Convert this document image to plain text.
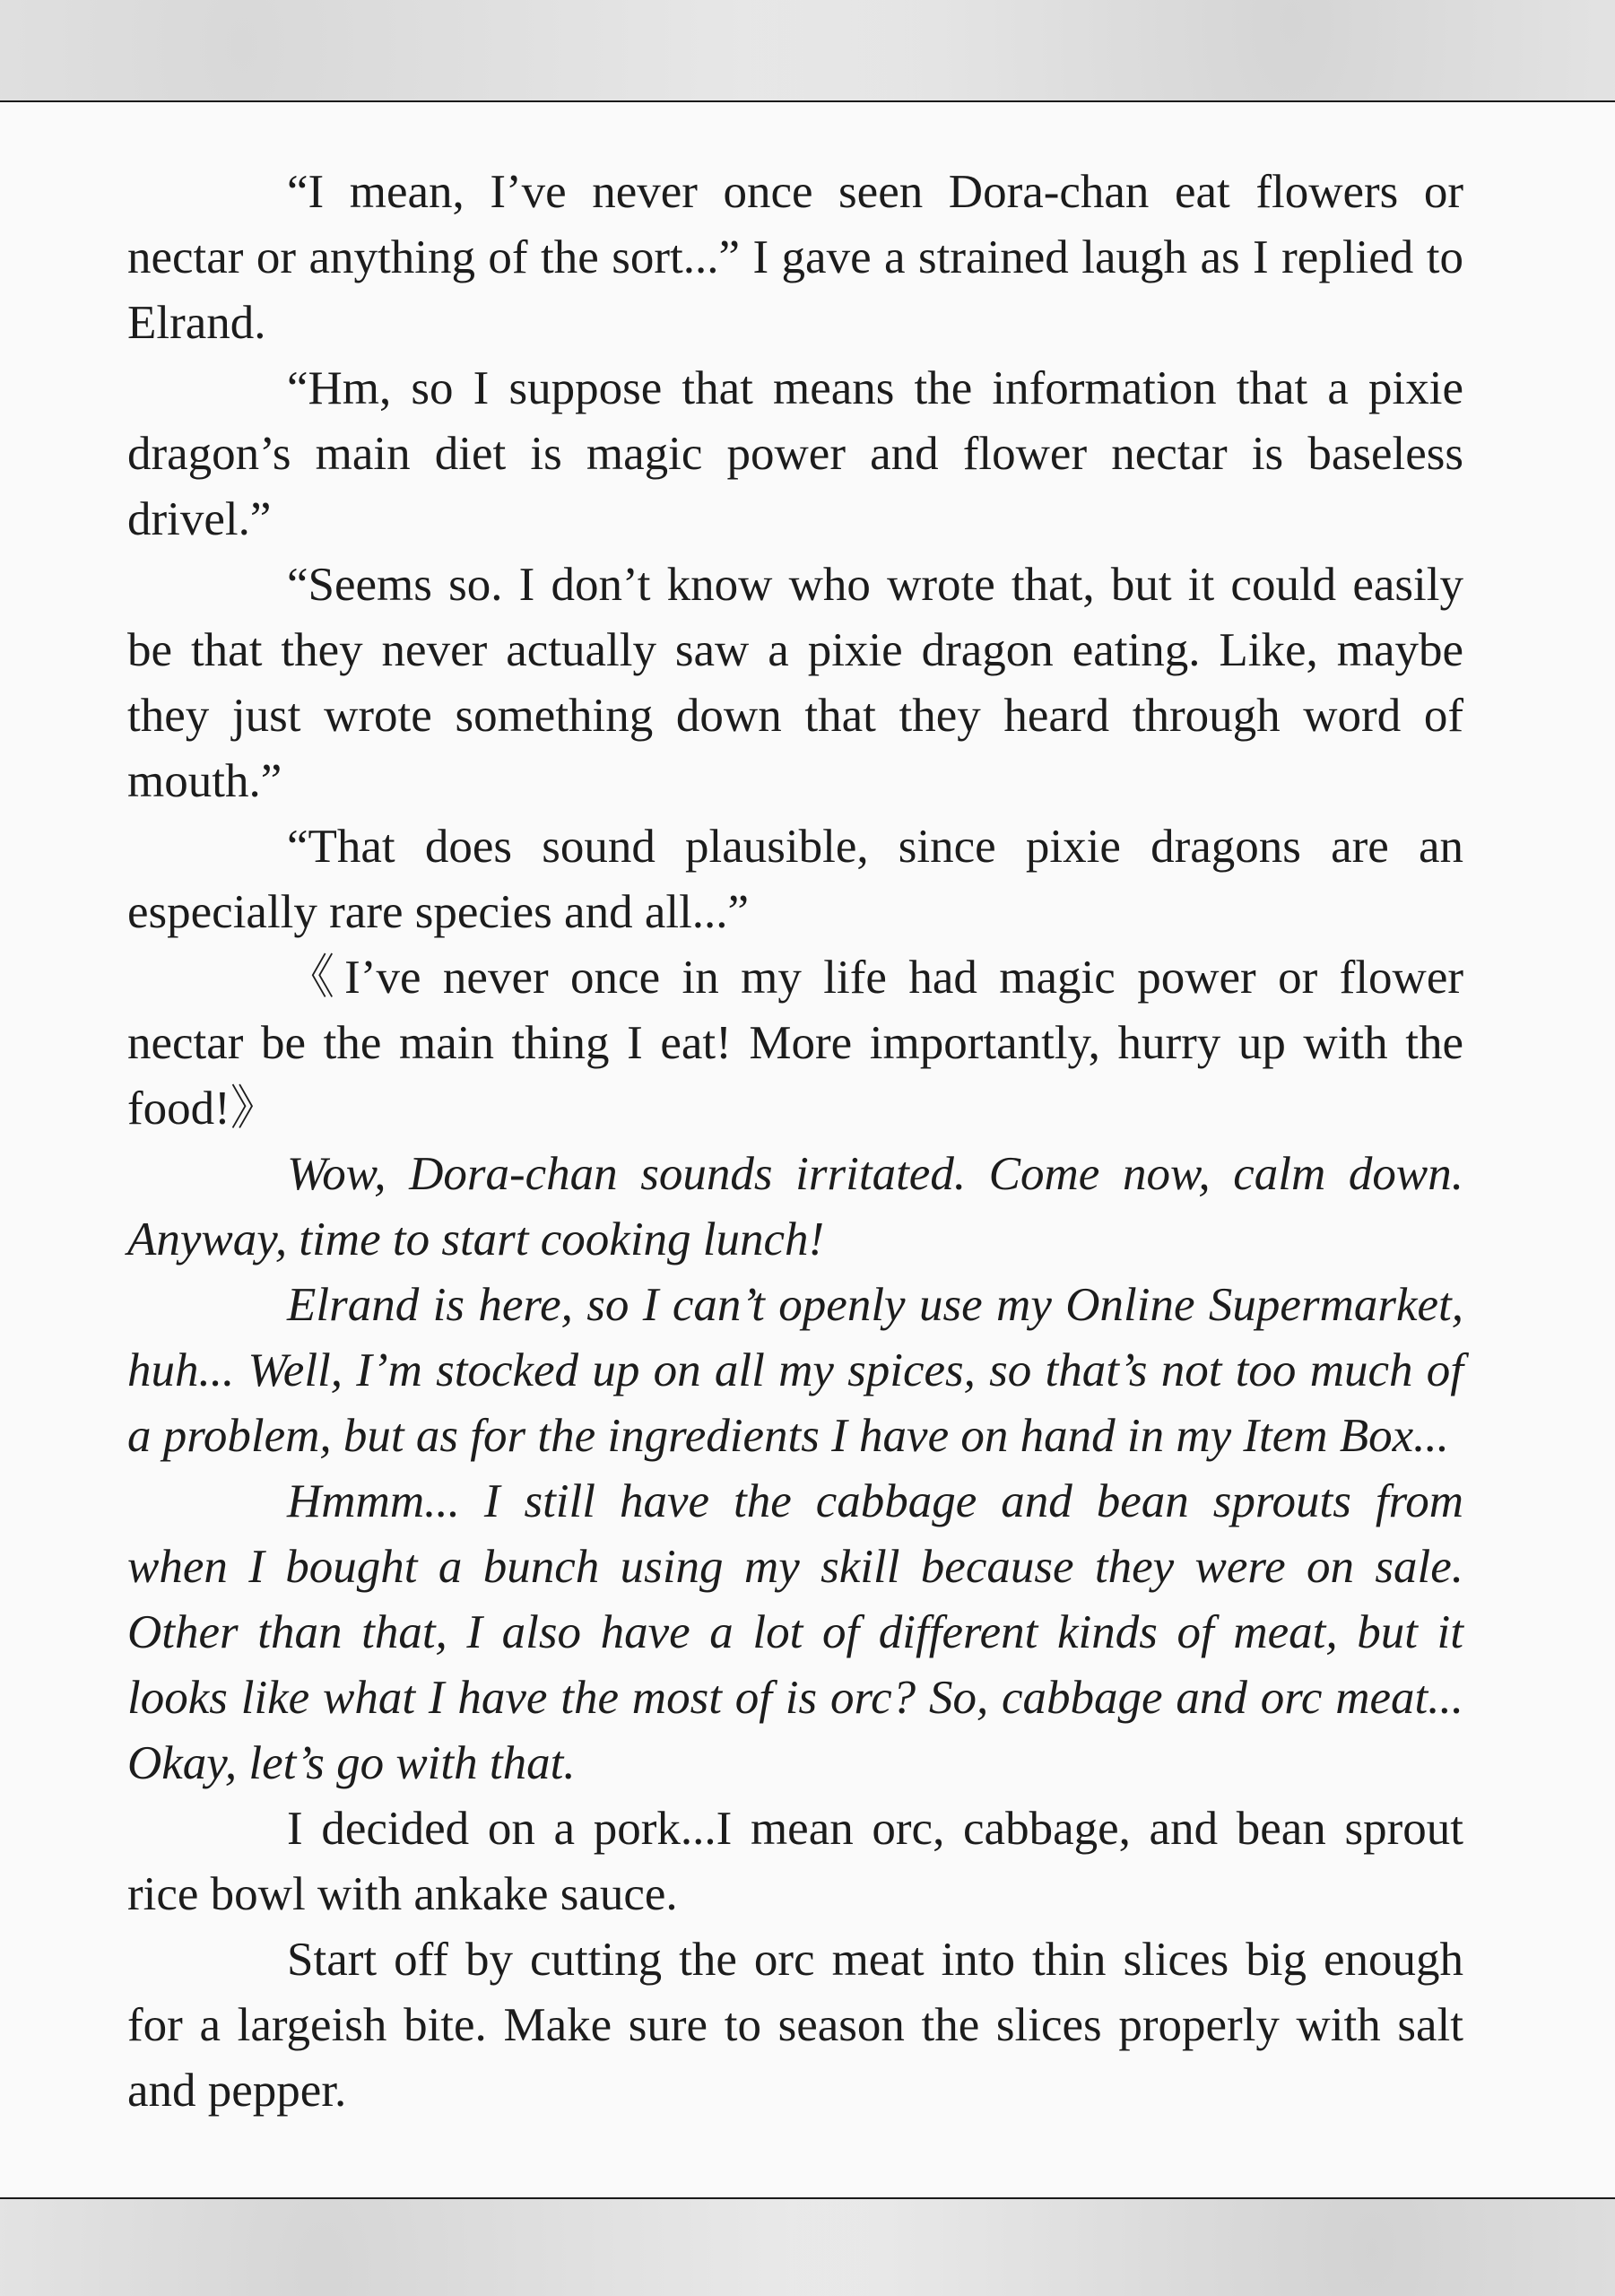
“I mean, I’ve never once seen Dora-chan eat flowers or nectar or anything of the sort...” I gave a strained laugh as I replied to Elrand.

“Hm, so I suppose that means the information that a pixie dragon’s main diet is magic power and flower nectar is baseless drivel.”

“Seems so. I don’t know who wrote that, but it could easily be that they never actually saw a pixie dragon eating. Like, maybe they just wrote something down that they heard through word of mouth.”

“That does sound plausible, since pixie dragons are an especially rare species and all...”

《I’ve never once in my life had magic power or flower nectar be the main thing I eat! More importantly, hurry up with the food!》

Wow, Dora-chan sounds irritated. Come now, calm down. Anyway, time to start cooking lunch!

Elrand is here, so I can’t openly use my Online Supermarket, huh... Well, I’m stocked up on all my spices, so that’s not too much of a problem, but as for the ingredients I have on hand in my Item Box...

Hmmm... I still have the cabbage and bean sprouts from when I bought a bunch using my skill because they were on sale. Other than that, I also have a lot of different kinds of meat, but it looks like what I have the most of is orc? So, cabbage and orc meat... Okay, let’s go with that.

I decided on a pork...I mean orc, cabbage, and bean sprout rice bowl with ankake sauce.

Start off by cutting the orc meat into thin slices big enough for a largeish bite. Make sure to season the slices properly with salt and pepper.
